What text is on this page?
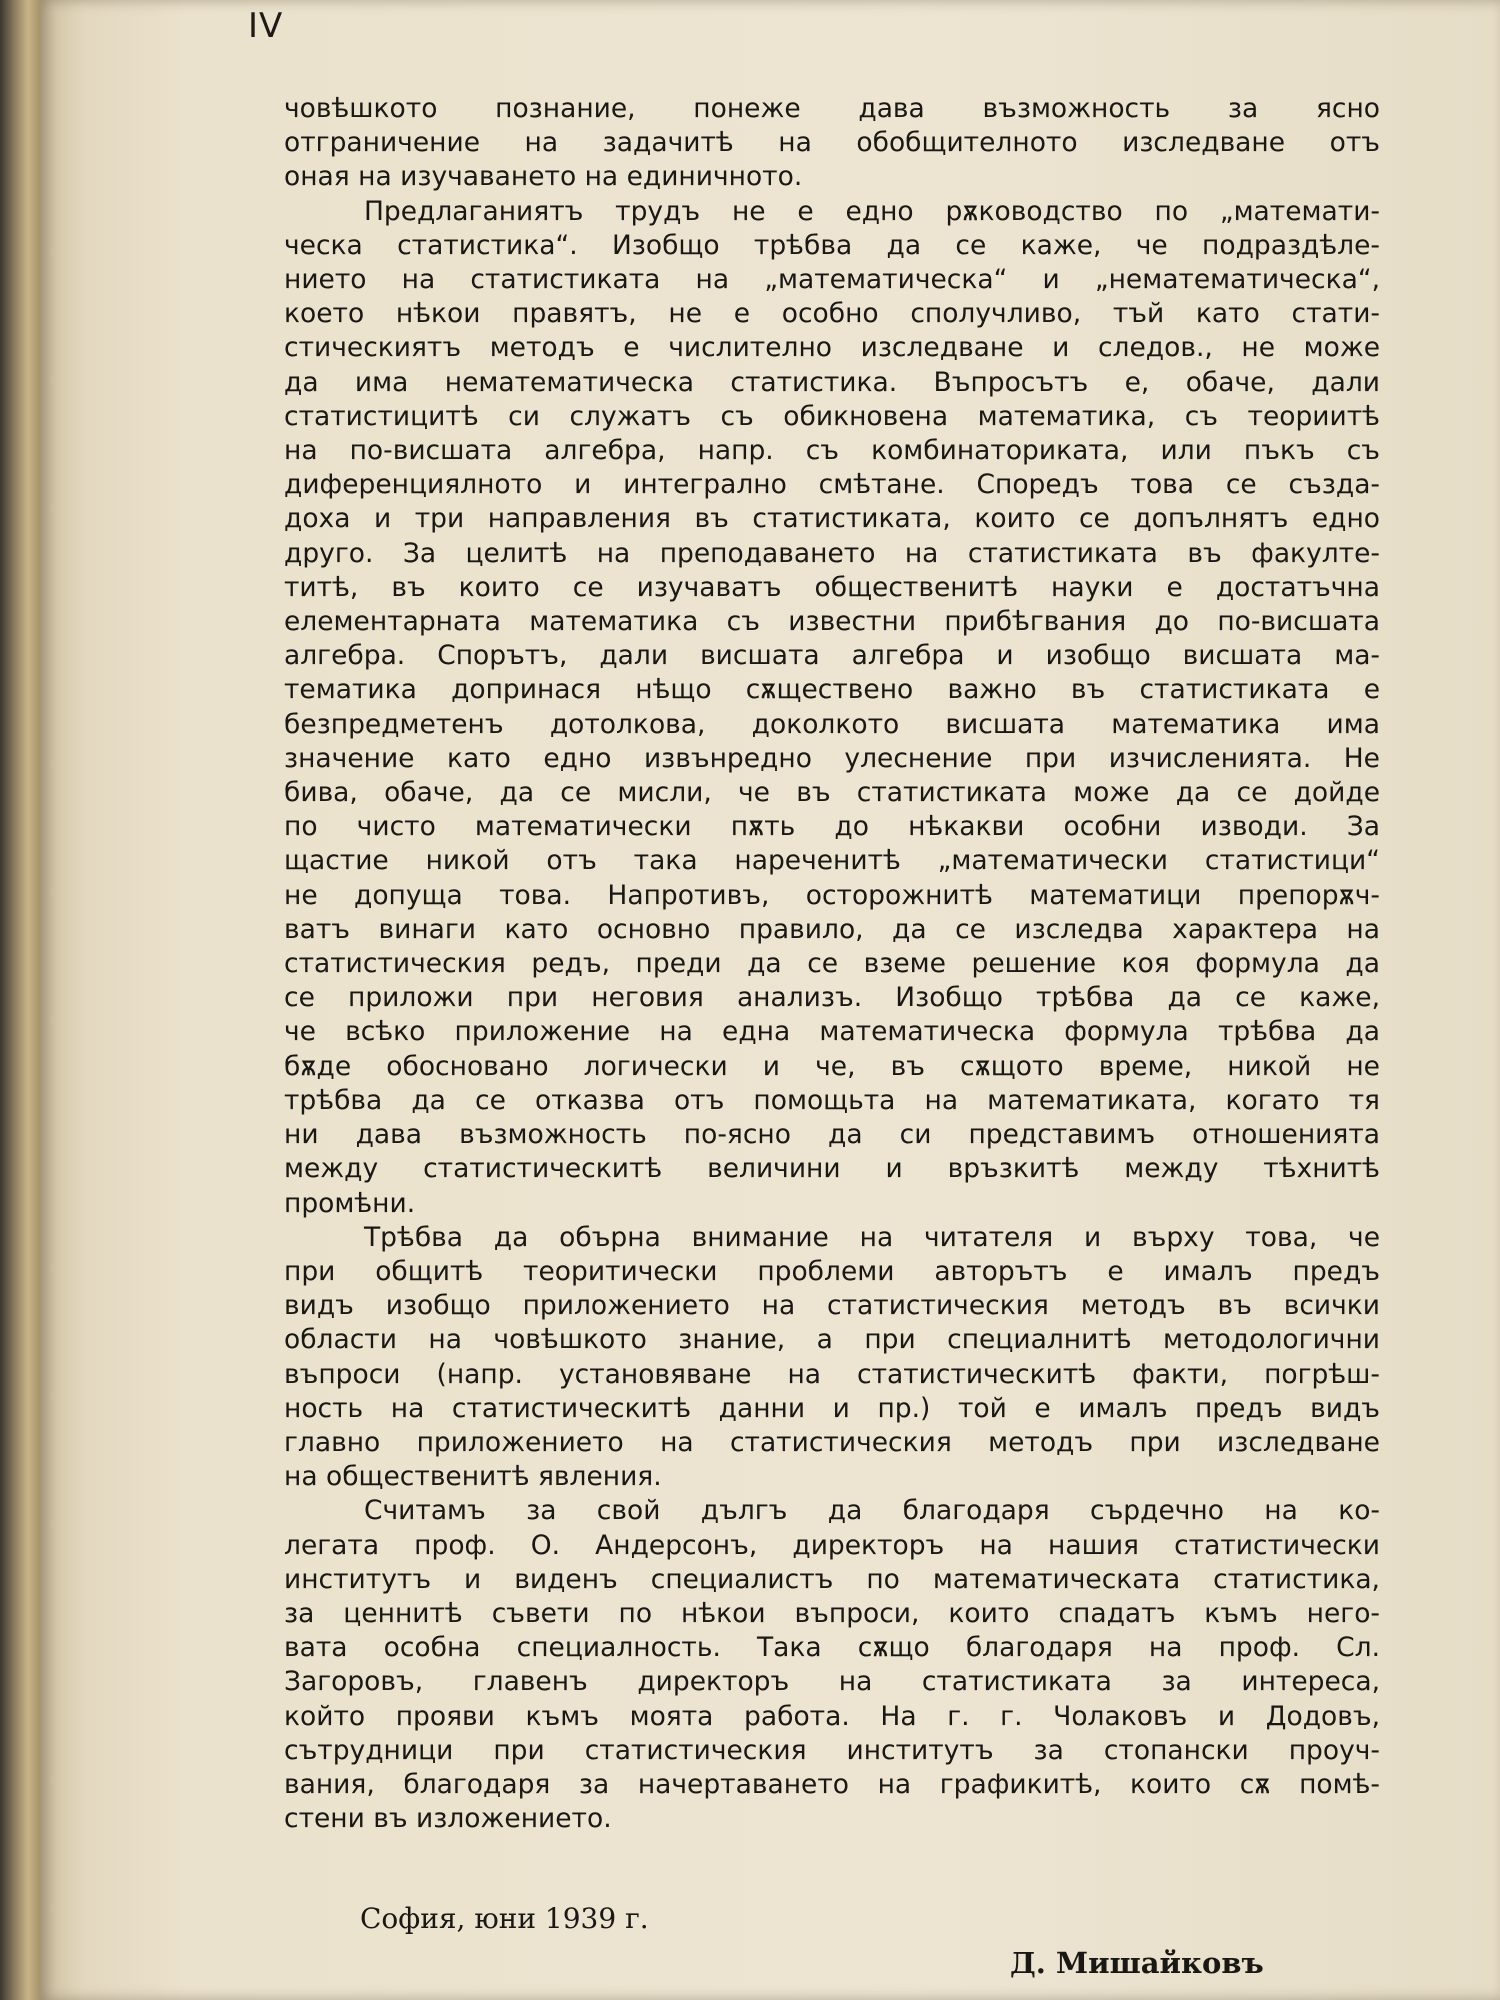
IV

човѣшкото познание, понеже дава възможность за ясно
отграничение на задачитѣ на обобщителното изследване отъ
оная на изучаването на единичното.

Предлаганиятъ трудъ не е едно рѫководство по „математи-
ческа статистика“. Изобщо трѣбва да се каже, че подраздѣле-
нието на статистиката на „математическа“ и „нематематическа“,
което нѣкои правятъ, не е особно сполучливо, тъй като стати-
стическиятъ методъ е числително изследване и следов., не може
да има нематематическа статистика. Въпросътъ е, обаче, дали
статистицитѣ си служатъ съ обикновена математика, съ теориитѣ
на по-висшата алгебра, напр. съ комбинаториката, или пъкъ съ
диференциялното и интегрално смѣтане. Споредъ това се създа-
доха и три направления въ статистиката, които се допълнятъ едно
друго. За целитѣ на преподаването на статистиката въ факулте-
титѣ, въ които се изучаватъ общественитѣ науки е достатъчна
елементарната математика съ известни прибѣгвания до по-висшата
алгебра. Спорътъ, дали висшата алгебра и изобщо висшата ма-
тематика допринася нѣщо сѫществено важно въ статистиката е
безпредметенъ дотолкова, доколкото висшата математика има
значение като едно извънредно улеснение при изчисленията. Не
бива, обаче, да се мисли, че въ статистиката може да се дойде
по чисто математически пѫть до нѣкакви особни изводи. За
щастие никой отъ така нареченитѣ „математически статистици“
не допуща това. Напротивъ, осторожнитѣ математици препорѫч-
ватъ винаги като основно правило, да се изследва характера на
статистическия редъ, преди да се вземе решение коя формула да
се приложи при неговия анализъ. Изобщо трѣбва да се каже,
че всѣко приложение на една математическа формула трѣбва да
бѫде обосновано логически и че, въ сѫщото време, никой не
трѣбва да се отказва отъ помощьта на математиката, когато тя
ни дава възможность по-ясно да си представимъ отношенията
между статистическитѣ величини и връзкитѣ между тѣхнитѣ
промѣни.

Трѣбва да обърна внимание на читателя и върху това, че
при общитѣ теоритически проблеми авторътъ е ималъ предъ
видъ изобщо приложението на статистическия методъ въ всички
области на човѣшкото знание, а при специалнитѣ методологични
въпроси (напр. установяване на статистическитѣ факти, погрѣш-
ность на статистическитѣ данни и пр.) той е ималъ предъ видъ
главно приложението на статистическия методъ при изследване
на общественитѣ явления.

Считамъ за свой дългъ да благодаря сърдечно на ко-
легата проф. О. Андерсонъ, директоръ на нашия статистически
институтъ и виденъ специалистъ по математическата статистика,
за ценнитѣ съвети по нѣкои въпроси, които спадатъ къмъ него-
вата особна специалность. Така сѫщо благодаря на проф. Сл.
Загоровъ, главенъ директоръ на статистиката за интереса,
който прояви къмъ моята работа. На г. г. Чолаковъ и Додовъ,
сътрудници при статистическия институтъ за стопански проуч-
вания, благодаря за начертаването на графикитѣ, които сѫ помѣ-
стени въ изложението.

София, юни 1939 г.
Д. Мишайковъ
